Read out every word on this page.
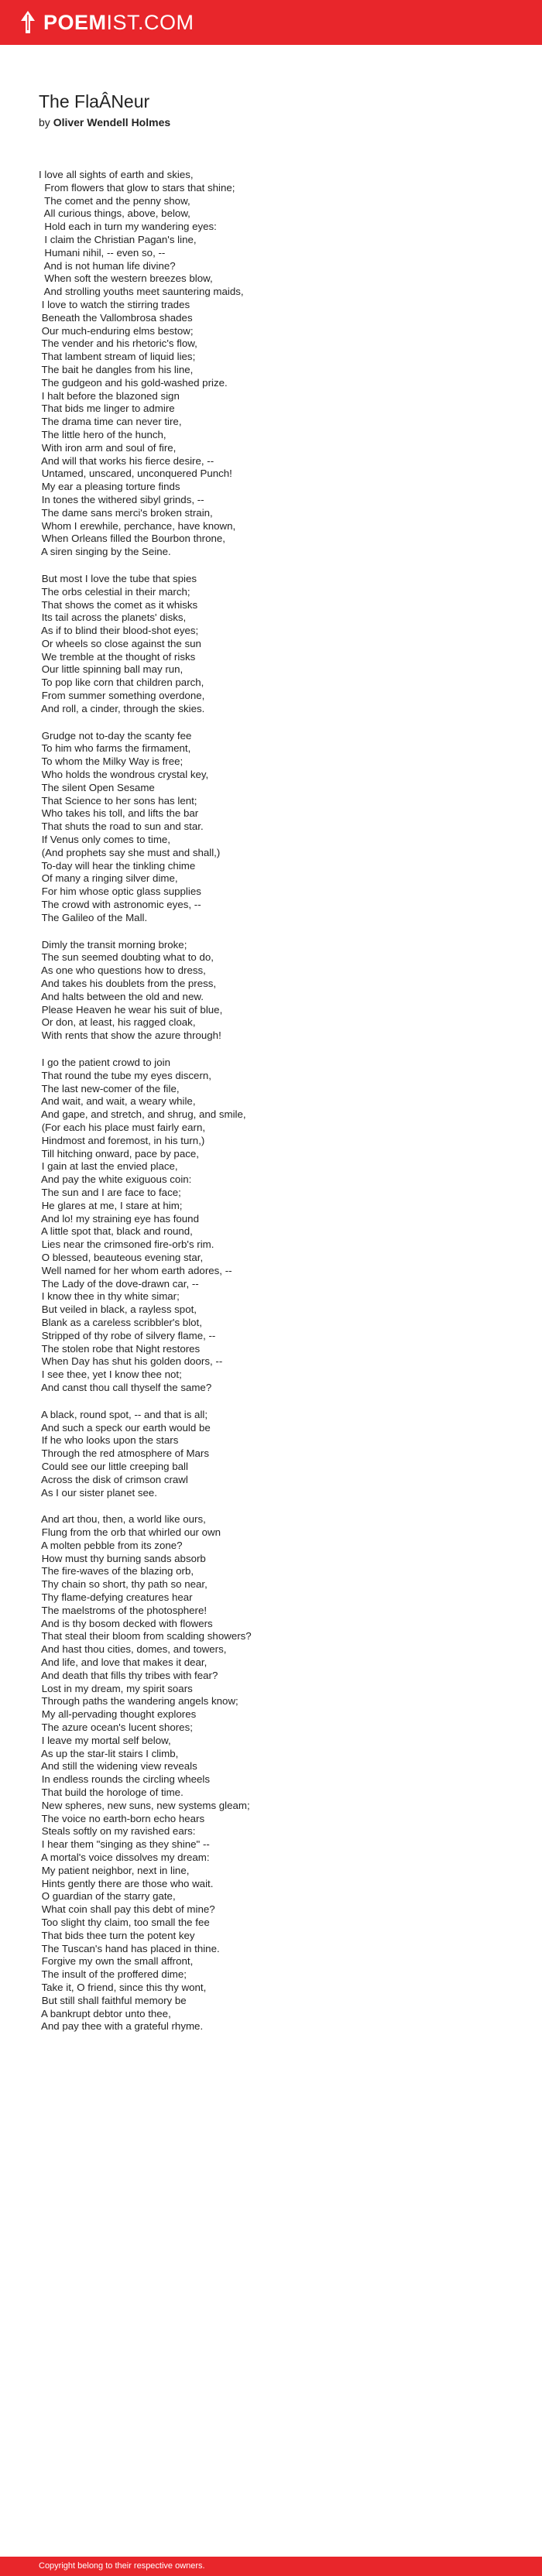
POEMIST.COM
The FlaÂNeur
by Oliver Wendell Holmes
I love all sights of earth and skies,
From flowers that glow to stars that shine;
The comet and the penny show,
All curious things, above, below,
Hold each in turn my wandering eyes:
I claim the Christian Pagan's line,
Humani nihil, -- even so, --
And is not human life divine?
When soft the western breezes blow,
And strolling youths meet sauntering maids,
I love to watch the stirring trades
Beneath the Vallombrosa shades
Our much-enduring elms bestow;
The vender and his rhetoric's flow,
That lambent stream of liquid lies;
The bait he dangles from his line,
The gudgeon and his gold-washed prize.
I halt before the blazoned sign
That bids me linger to admire
The drama time can never tire,
The little hero of the hunch,
With iron arm and soul of fire,
And will that works his fierce desire, --
Untamed, unscared, unconquered Punch!
My ear a pleasing torture finds
In tones the withered sibyl grinds, --
The dame sans merci's broken strain,
Whom I erewhile, perchance, have known,
When Orleans filled the Bourbon throne,
A siren singing by the Seine.
But most I love the tube that spies
The orbs celestial in their march;
That shows the comet as it whisks
Its tail across the planets' disks,
As if to blind their blood-shot eyes;
Or wheels so close against the sun
We tremble at the thought of risks
Our little spinning ball may run,
To pop like corn that children parch,
From summer something overdone,
And roll, a cinder, through the skies.
Grudge not to-day the scanty fee
To him who farms the firmament,
To whom the Milky Way is free;
Who holds the wondrous crystal key,
The silent Open Sesame
That Science to her sons has lent;
Who takes his toll, and lifts the bar
That shuts the road to sun and star.
If Venus only comes to time,
(And prophets say she must and shall,)
To-day will hear the tinkling chime
Of many a ringing silver dime,
For him whose optic glass supplies
The crowd with astronomic eyes, --
The Galileo of the Mall.
Dimly the transit morning broke;
The sun seemed doubting what to do,
As one who questions how to dress,
And takes his doublets from the press,
And halts between the old and new.
Please Heaven he wear his suit of blue,
Or don, at least, his ragged cloak,
With rents that show the azure through!
I go the patient crowd to join
That round the tube my eyes discern,
The last new-comer of the file,
And wait, and wait, a weary while,
And gape, and stretch, and shrug, and smile,
(For each his place must fairly earn,
Hindmost and foremost, in his turn,)
Till hitching onward, pace by pace,
I gain at last the envied place,
And pay the white exiguous coin:
The sun and I are face to face;
He glares at me, I stare at him;
And lo! my straining eye has found
A little spot that, black and round,
Lies near the crimsoned fire-orb's rim.
O blessed, beauteous evening star,
Well named for her whom earth adores, --
The Lady of the dove-drawn car, --
I know thee in thy white simar;
But veiled in black, a rayless spot,
Blank as a careless scribbler's blot,
Stripped of thy robe of silvery flame, --
The stolen robe that Night restores
When Day has shut his golden doors, --
I see thee, yet I know thee not;
And canst thou call thyself the same?
A black, round spot, -- and that is all;
And such a speck our earth would be
If he who looks upon the stars
Through the red atmosphere of Mars
Could see our little creeping ball
Across the disk of crimson crawl
As I our sister planet see.
And art thou, then, a world like ours,
Flung from the orb that whirled our own
A molten pebble from its zone?
How must thy burning sands absorb
The fire-waves of the blazing orb,
Thy chain so short, thy path so near,
Thy flame-defying creatures hear
The maelstroms of the photosphere!
And is thy bosom decked with flowers
That steal their bloom from scalding showers?
And hast thou cities, domes, and towers,
And life, and love that makes it dear,
And death that fills thy tribes with fear?
Lost in my dream, my spirit soars
Through paths the wandering angels know;
My all-pervading thought explores
The azure ocean's lucent shores;
I leave my mortal self below,
As up the star-lit stairs I climb,
And still the widening view reveals
In endless rounds the circling wheels
That build the horologe of time.
New spheres, new suns, new systems gleam;
The voice no earth-born echo hears
Steals softly on my ravished ears:
I hear them "singing as they shine" --
A mortal's voice dissolves my dream:
My patient neighbor, next in line,
Hints gently there are those who wait.
O guardian of the starry gate,
What coin shall pay this debt of mine?
Too slight thy claim, too small the fee
That bids thee turn the potent key
The Tuscan's hand has placed in thine.
Forgive my own the small affront,
The insult of the proffered dime;
Take it, O friend, since this thy wont,
But still shall faithful memory be
A bankrupt debtor unto thee,
And pay thee with a grateful rhyme.
Copyright belong to their respective owners.
